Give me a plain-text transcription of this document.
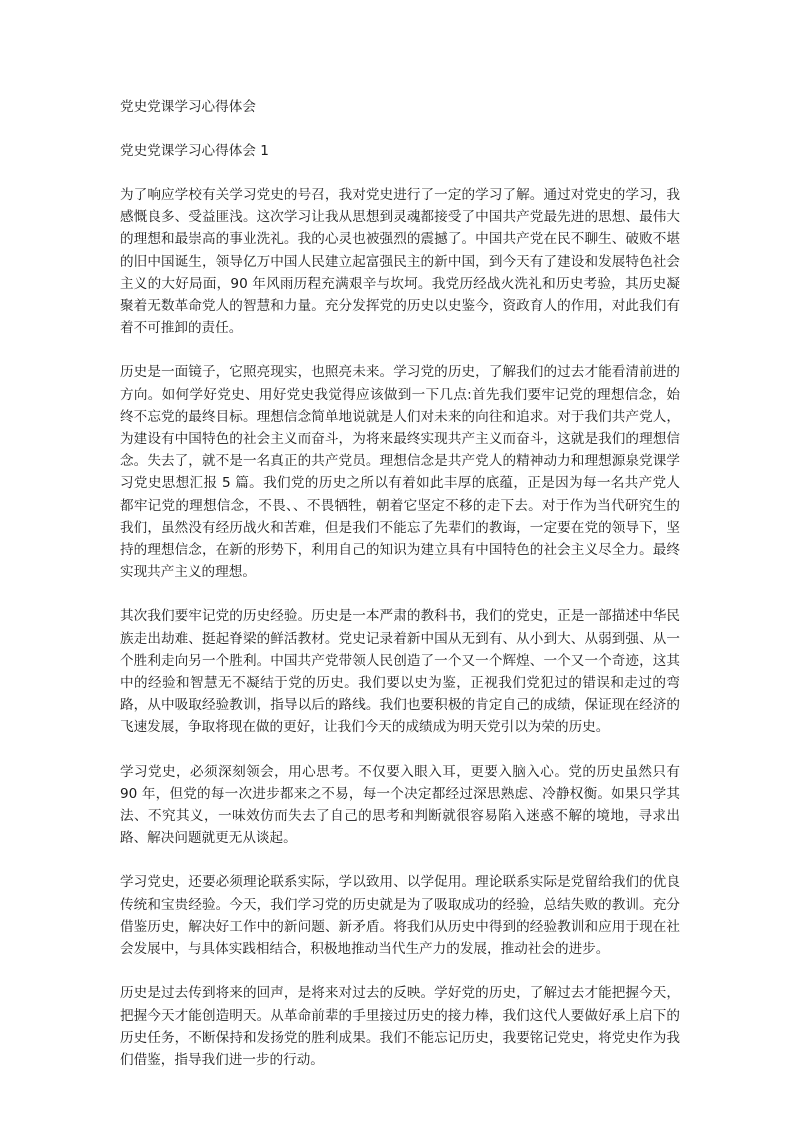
党史党课学习心得体会

党史党课学习心得体会 1

为了响应学校有关学习党史的号召，我对党史进行了一定的学习了解。通过对党史的学习，我感慨良多、受益匪浅。这次学习让我从思想到灵魂都接受了中国共产党最先进的思想、最伟大的理想和最崇高的事业洗礼。我的心灵也被强烈的震撼了。中国共产党在民不聊生、破败不堪的旧中国诞生，领导亿万中国人民建立起富强民主的新中国，到今天有了建设和发展特色社会主义的大好局面，90 年风雨历程充满艰辛与坎坷。我党历经战火洗礼和历史考验，其历史凝聚着无数革命党人的智慧和力量。充分发挥党的历史以史鉴今，资政育人的作用，对此我们有着不可推卸的责任。

历史是一面镜子，它照亮现实，也照亮未来。学习党的历史，了解我们的过去才能看清前进的方向。如何学好党史、用好党史我觉得应该做到一下几点:首先我们要牢记党的理想信念，始终不忘党的最终目标。理想信念简单地说就是人们对未来的向往和追求。对于我们共产党人，为建设有中国特色的社会主义而奋斗，为将来最终实现共产主义而奋斗，这就是我们的理想信念。失去了，就不是一名真正的共产党员。理想信念是共产党人的精神动力和理想源泉党课学习党史思想汇报 5 篇。我们党的历史之所以有着如此丰厚的底蕴，正是因为每一名共产党人都牢记党的理想信念，不畏、、不畏牺牲，朝着它坚定不移的走下去。对于作为当代研究生的我们，虽然没有经历战火和苦难，但是我们不能忘了先辈们的教诲，一定要在党的领导下，坚持的理想信念，在新的形势下，利用自己的知识为建立具有中国特色的社会主义尽全力。最终实现共产主义的理想。

其次我们要牢记党的历史经验。历史是一本严肃的教科书，我们的党史，正是一部描述中华民族走出劫难、挺起脊梁的鲜活教材。党史记录着新中国从无到有、从小到大、从弱到强、从一个胜利走向另一个胜利。中国共产党带领人民创造了一个又一个辉煌、一个又一个奇迹，这其中的经验和智慧无不凝结于党的历史。我们要以史为鉴，正视我们党犯过的错误和走过的弯路，从中吸取经验教训，指导以后的路线。我们也要积极的肯定自己的成绩，保证现在经济的飞速发展，争取将现在做的更好，让我们今天的成绩成为明天党引以为荣的历史。

学习党史，必须深刻领会，用心思考。不仅要入眼入耳，更要入脑入心。党的历史虽然只有 90 年，但党的每一次进步都来之不易，每一个决定都经过深思熟虑、冷静权衡。如果只学其法、不究其义，一味效仿而失去了自己的思考和判断就很容易陷入迷惑不解的境地，寻求出路、解决问题就更无从谈起。

学习党史，还要必须理论联系实际，学以致用、以学促用。理论联系实际是党留给我们的优良传统和宝贵经验。今天，我们学习党的历史就是为了吸取成功的经验，总结失败的教训。充分借鉴历史，解决好工作中的新问题、新矛盾。将我们从历史中得到的经验教训和应用于现在社会发展中，与具体实践相结合，积极地推动当代生产力的发展，推动社会的进步。

历史是过去传到将来的回声，是将来对过去的反映。学好党的历史，了解过去才能把握今天，把握今天才能创造明天。从革命前辈的手里接过历史的接力棒，我们这代人要做好承上启下的历史任务，不断保持和发扬党的胜利成果。我们不能忘记历史，我要铭记党史，将党史作为我们借鉴，指导我们进一步的行动。
